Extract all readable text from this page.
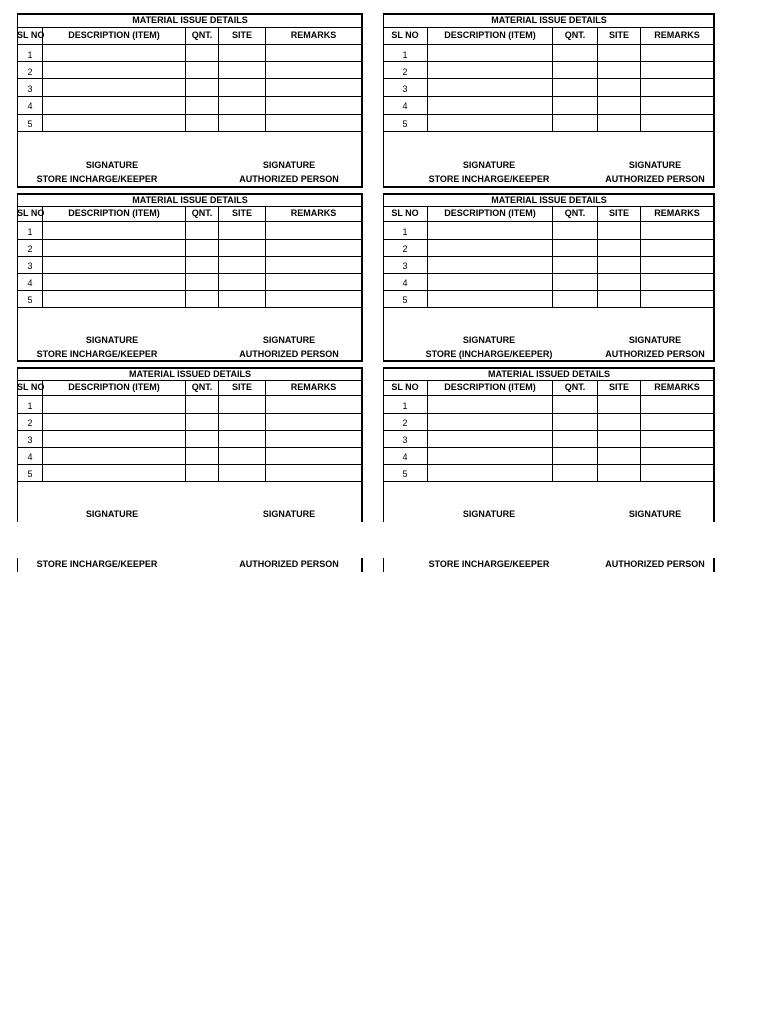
MATERIAL ISSUE DETAILS
SL NO	DESCRIPTION (ITEM)	QNT.	SITE	REMARKS
1
2
3
4
5
SIGNATURE	SIGNATURE
STORE INCHARGE/KEEPER	AUTHORIZED PERSON
MATERIAL ISSUE DETAILS
SL NO	DESCRIPTION (ITEM)	QNT.	SITE	REMARKS
1
2
3
4
5
SIGNATURE	SIGNATURE
STORE INCHARGE/KEEPER	AUTHORIZED PERSON
MATERIAL ISSUE DETAILS
SL NO	DESCRIPTION (ITEM)	QNT.	SITE	REMARKS
1
2
3
4
5
SIGNATURE	SIGNATURE
STORE INCHARGE/KEEPER	AUTHORIZED PERSON
MATERIAL ISSUE DETAILS
SL NO	DESCRIPTION (ITEM)	QNT.	SITE	REMARKS
1
2
3
4
5
SIGNATURE	SIGNATURE
STORE (INCHARGE/KEEPER)	AUTHORIZED PERSON
MATERIAL ISSUED DETAILS
SL NO	DESCRIPTION (ITEM)	QNT.	SITE	REMARKS
1
2
3
4
5
SIGNATURE	SIGNATURE
STORE INCHARGE/KEEPER	AUTHORIZED PERSON
MATERIAL ISSUED DETAILS
SL NO	DESCRIPTION (ITEM)	QNT.	SITE	REMARKS
1
2
3
4
5
SIGNATURE	SIGNATURE
STORE INCHARGE/KEEPER	AUTHORIZED PERSON
